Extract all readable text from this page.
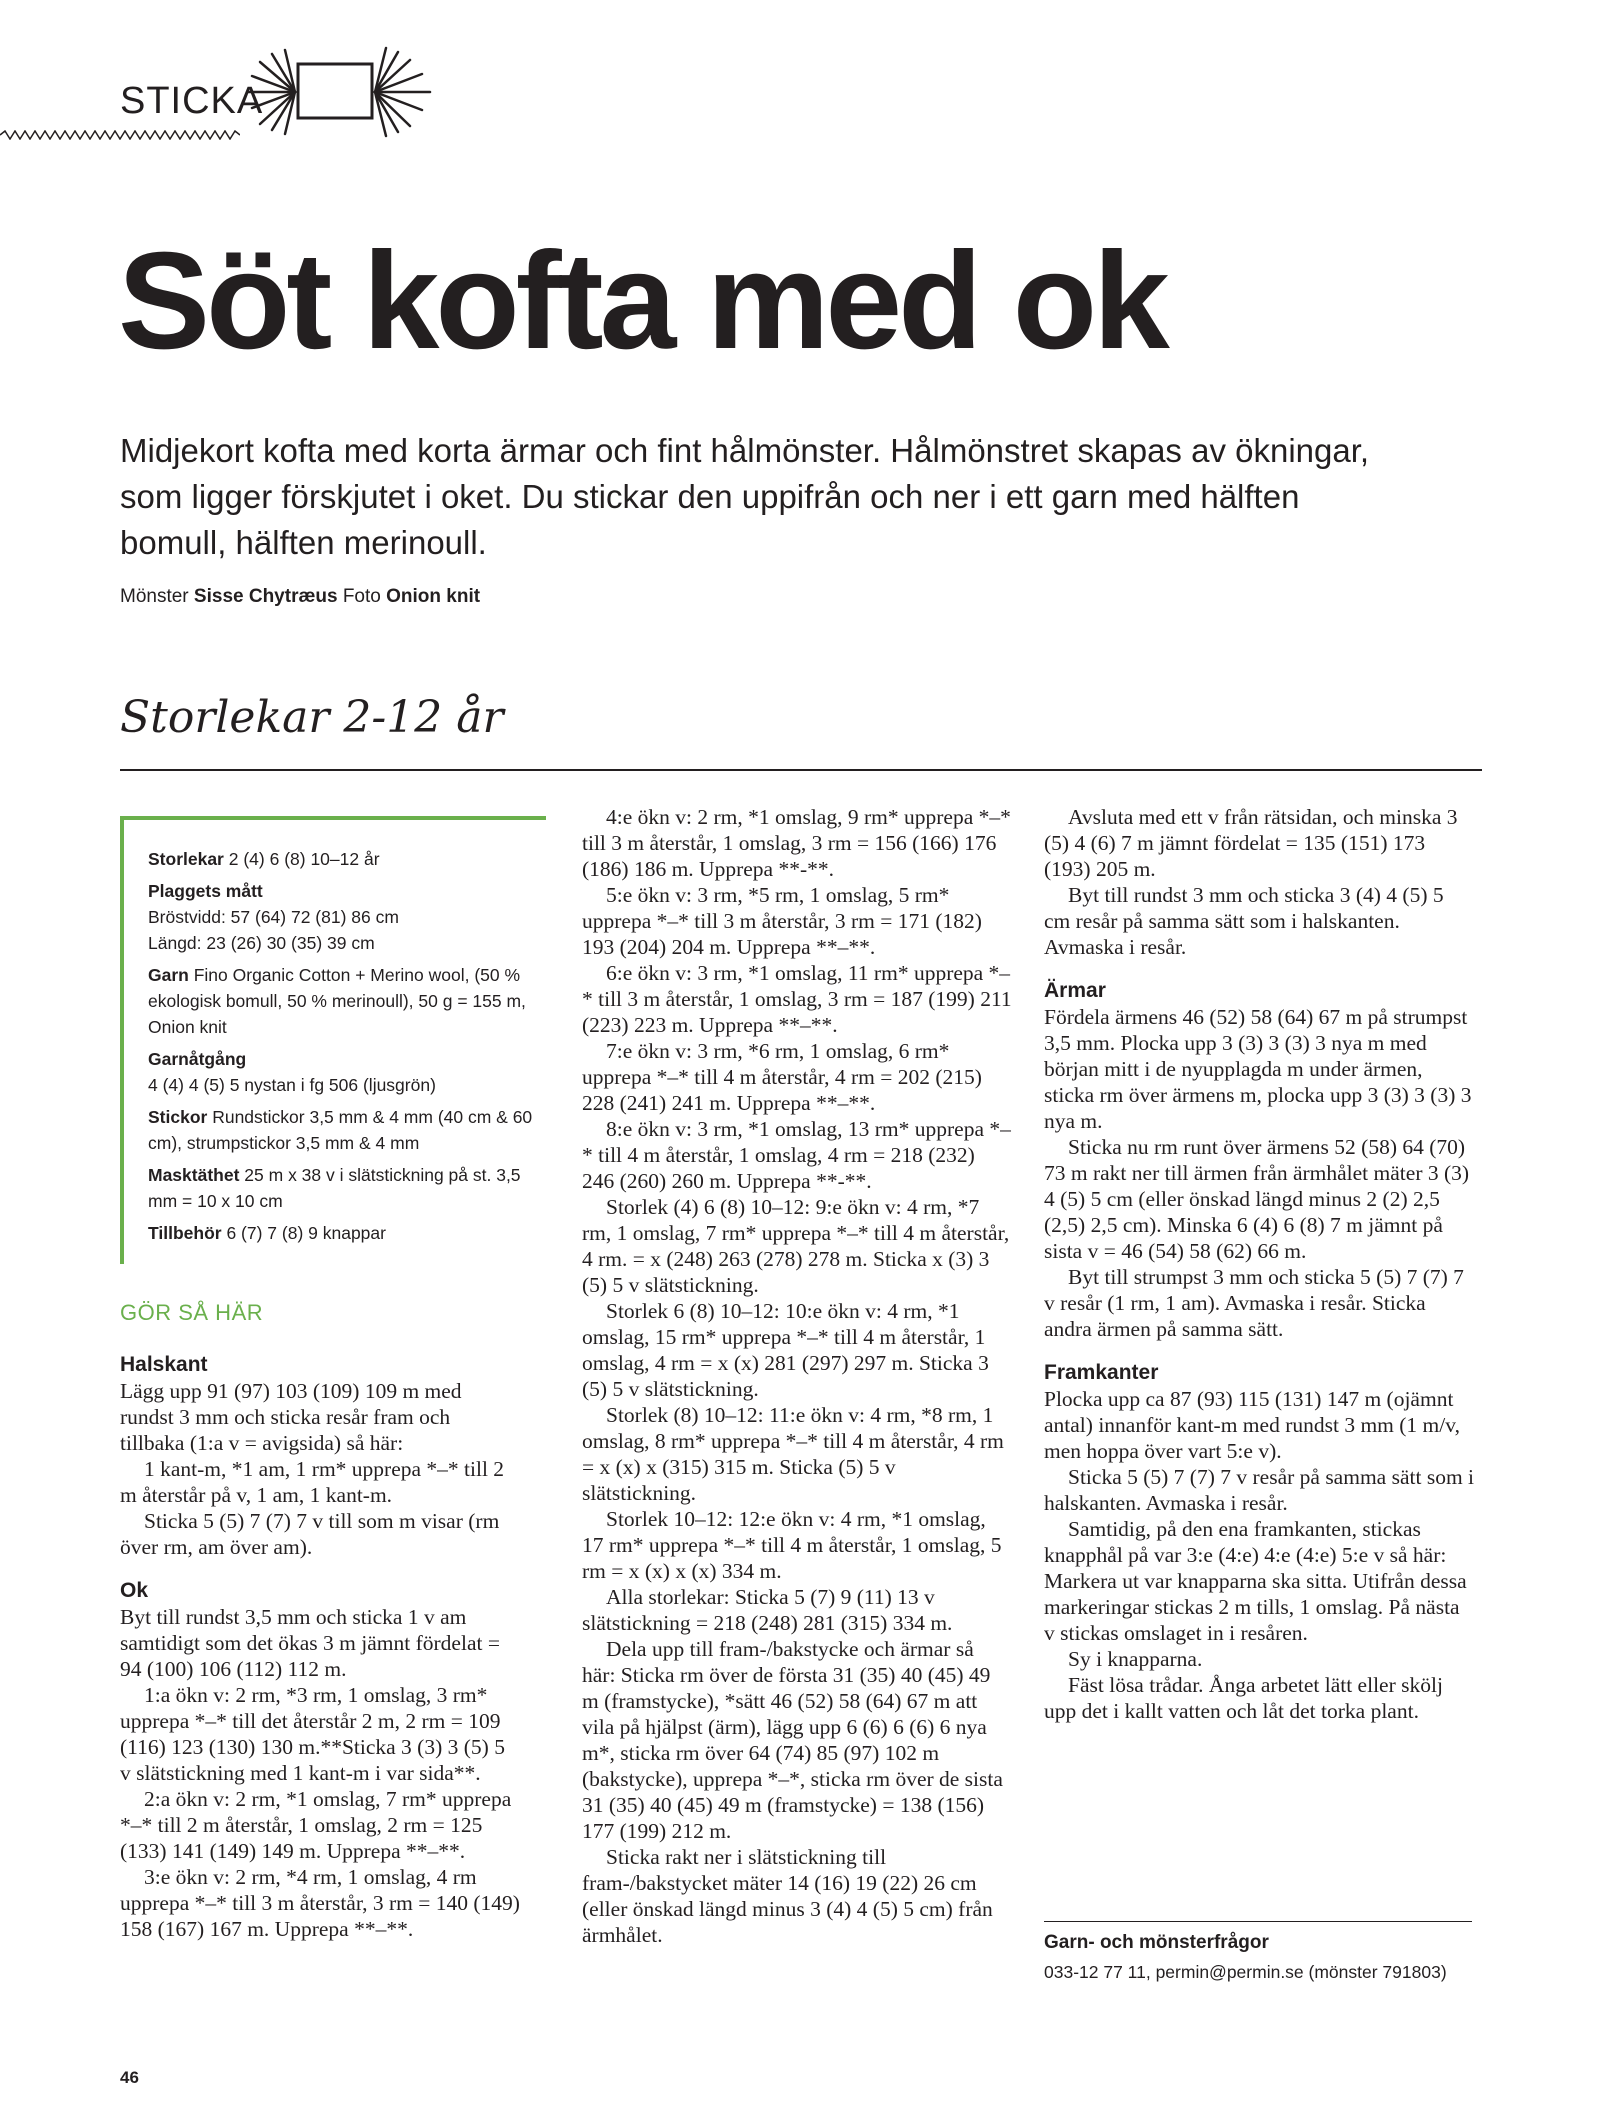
STICKA
Söt kofta med ok

Midjekort kofta med korta ärmar och fint hålmönster. Hålmönstret skapas av ökningar, som ligger förskjutet i oket. Du stickar den uppifrån och ner i ett garn med hälften bomull, hälften merinoull.

Mönster Sisse Chytræus Foto Onion knit
Storlekar 2-12 år

Storlekar 2 (4) 6 (8) 10–12 år

Plaggets mått
Bröstvidd: 57 (64) 72 (81) 86 cm
Längd: 23 (26) 30 (35) 39 cm

Garn Fino Organic Cotton + Merino wool, (50 % ekologisk bomull, 50 % merinoull), 50 g = 155 m, Onion knit

Garnåtgång
4 (4) 4 (5) 5 nystan i fg 506 (ljusgrön)

Stickor Rundstickor 3,5 mm & 4 mm (40 cm & 60 cm), strumpstickor 3,5 mm & 4 mm

Masktäthet 25 m x 38 v i slätstickning på st. 3,5 mm = 10 x 10 cm

Tillbehör 6 (7) 7 (8) 9 knappar

GÖR SÅ HÄR
Halskant

Lägg upp 91 (97) 103 (109) 109 m med rundst 3 mm och sticka resår fram och tillbaka (1:a v = avigsida) så här:

1 kant-m, *1 am, 1 rm* upprepa *–* till 2 m återstår på v, 1 am, 1 kant-m.

Sticka 5 (5) 7 (7) 7 v till som m visar (rm över rm, am över am).

Ok

Byt till rundst 3,5 mm och sticka 1 v am samtidigt som det ökas 3 m jämnt fördelat = 94 (100) 106 (112) 112 m.

1:a ökn v: 2 rm, *3 rm, 1 omslag, 3 rm* upprepa *–* till det återstår 2 m, 2 rm = 109 (116) 123 (130) 130 m.**Sticka 3 (3) 3 (5) 5 v slätstickning med 1 kant-m i var sida**.

2:a ökn v: 2 rm, *1 omslag, 7 rm* upprepa *–* till 2 m återstår, 1 omslag, 2 rm = 125 (133) 141 (149) 149 m. Upprepa **–**.

3:e ökn v: 2 rm, *4 rm, 1 omslag, 4 rm upprepa *–* till 3 m återstår, 3 rm = 140 (149) 158 (167) 167 m. Upprepa **–**.

4:e ökn v: 2 rm, *1 omslag, 9 rm* upprepa *–* till 3 m återstår, 1 omslag, 3 rm = 156 (166) 176 (186) 186 m. Upprepa **-**.

5:e ökn v: 3 rm, *5 rm, 1 omslag, 5 rm* upprepa *–* till 3 m återstår, 3 rm = 171 (182) 193 (204) 204 m. Upprepa **–**.

6:e ökn v: 3 rm, *1 omslag, 11 rm* upprepa *–* till 3 m återstår, 1 omslag, 3 rm = 187 (199) 211 (223) 223 m. Upprepa **–**.

7:e ökn v: 3 rm, *6 rm, 1 omslag, 6 rm* upprepa *–* till 4 m återstår, 4 rm = 202 (215) 228 (241) 241 m. Upprepa **–**.

8:e ökn v: 3 rm, *1 omslag, 13 rm* upprepa *–* till 4 m återstår, 1 omslag, 4 rm = 218 (232) 246 (260) 260 m. Upprepa **-**.

Storlek (4) 6 (8) 10–12: 9:e ökn v: 4 rm, *7 rm, 1 omslag, 7 rm* upprepa *–* till 4 m återstår, 4 rm. = x (248) 263 (278) 278 m. Sticka x (3) 3 (5) 5 v slätstickning.

Storlek 6 (8) 10–12: 10:e ökn v: 4 rm, *1 omslag, 15 rm* upprepa *–* till 4 m återstår, 1 omslag, 4 rm = x (x) 281 (297) 297 m. Sticka 3 (5) 5 v slätstickning.

Storlek (8) 10–12: 11:e ökn v: 4 rm, *8 rm, 1 omslag, 8 rm* upprepa *–* till 4 m återstår, 4 rm = x (x) x (315) 315 m. Sticka (5) 5 v slätstickning.

Storlek 10–12: 12:e ökn v: 4 rm, *1 omslag, 17 rm* upprepa *–* till 4 m återstår, 1 omslag, 5 rm = x (x) x (x) 334 m.

Alla storlekar: Sticka 5 (7) 9 (11) 13 v slätstickning = 218 (248) 281 (315) 334 m.

Dela upp till fram-/bakstycke och ärmar så här: Sticka rm över de första 31 (35) 40 (45) 49 m (framstycke), *sätt 46 (52) 58 (64) 67 m att vila på hjälpst (ärm), lägg upp 6 (6) 6 (6) 6 nya m*, sticka rm över 64 (74) 85 (97) 102 m (bakstycke), upprepa *–*, sticka rm över de sista 31 (35) 40 (45) 49 m (framstycke) = 138 (156) 177 (199) 212 m.

Sticka rakt ner i slätstickning till fram-/bakstycket mäter 14 (16) 19 (22) 26 cm (eller önskad längd minus 3 (4) 4 (5) 5 cm) från ärmhålet.

Avsluta med ett v från rätsidan, och minska 3 (5) 4 (6) 7 m jämnt fördelat = 135 (151) 173 (193) 205 m.

Byt till rundst 3 mm och sticka 3 (4) 4 (5) 5 cm resår på samma sätt som i halskanten. Avmaska i resår.

Ärmar

Fördela ärmens 46 (52) 58 (64) 67 m på strumpst 3,5 mm. Plocka upp 3 (3) 3 (3) 3 nya m med början mitt i de nyupplagda m under ärmen, sticka rm över ärmens m, plocka upp 3 (3) 3 (3) 3 nya m.

Sticka nu rm runt över ärmens 52 (58) 64 (70) 73 m rakt ner till ärmen från ärmhålet mäter 3 (3) 4 (5) 5 cm (eller önskad längd minus 2 (2) 2,5 (2,5) 2,5 cm). Minska 6 (4) 6 (8) 7 m jämnt på sista v = 46 (54) 58 (62) 66 m.

Byt till strumpst 3 mm och sticka 5 (5) 7 (7) 7 v resår (1 rm, 1 am). Avmaska i resår. Sticka andra ärmen på samma sätt.

Framkanter

Plocka upp ca 87 (93) 115 (131) 147 m (ojämnt antal) innanför kant-m med rundst 3 mm (1 m/v, men hoppa över vart 5:e v).

Sticka 5 (5) 7 (7) 7 v resår på samma sätt som i halskanten. Avmaska i resår.

Samtidig, på den ena framkanten, stickas knapphål på var 3:e (4:e) 4:e (4:e) 5:e v så här: Markera ut var knapparna ska sitta. Utifrån dessa markeringar stickas 2 m tills, 1 omslag. På nästa v stickas omslaget in i resåren.

Sy i knapparna.

Fäst lösa trådar. Ånga arbetet lätt eller skölj upp det i kallt vatten och låt det torka plant.

Garn- och mönsterfrågor
033-12 77 11, permin@permin.se (mönster 791803)
46
